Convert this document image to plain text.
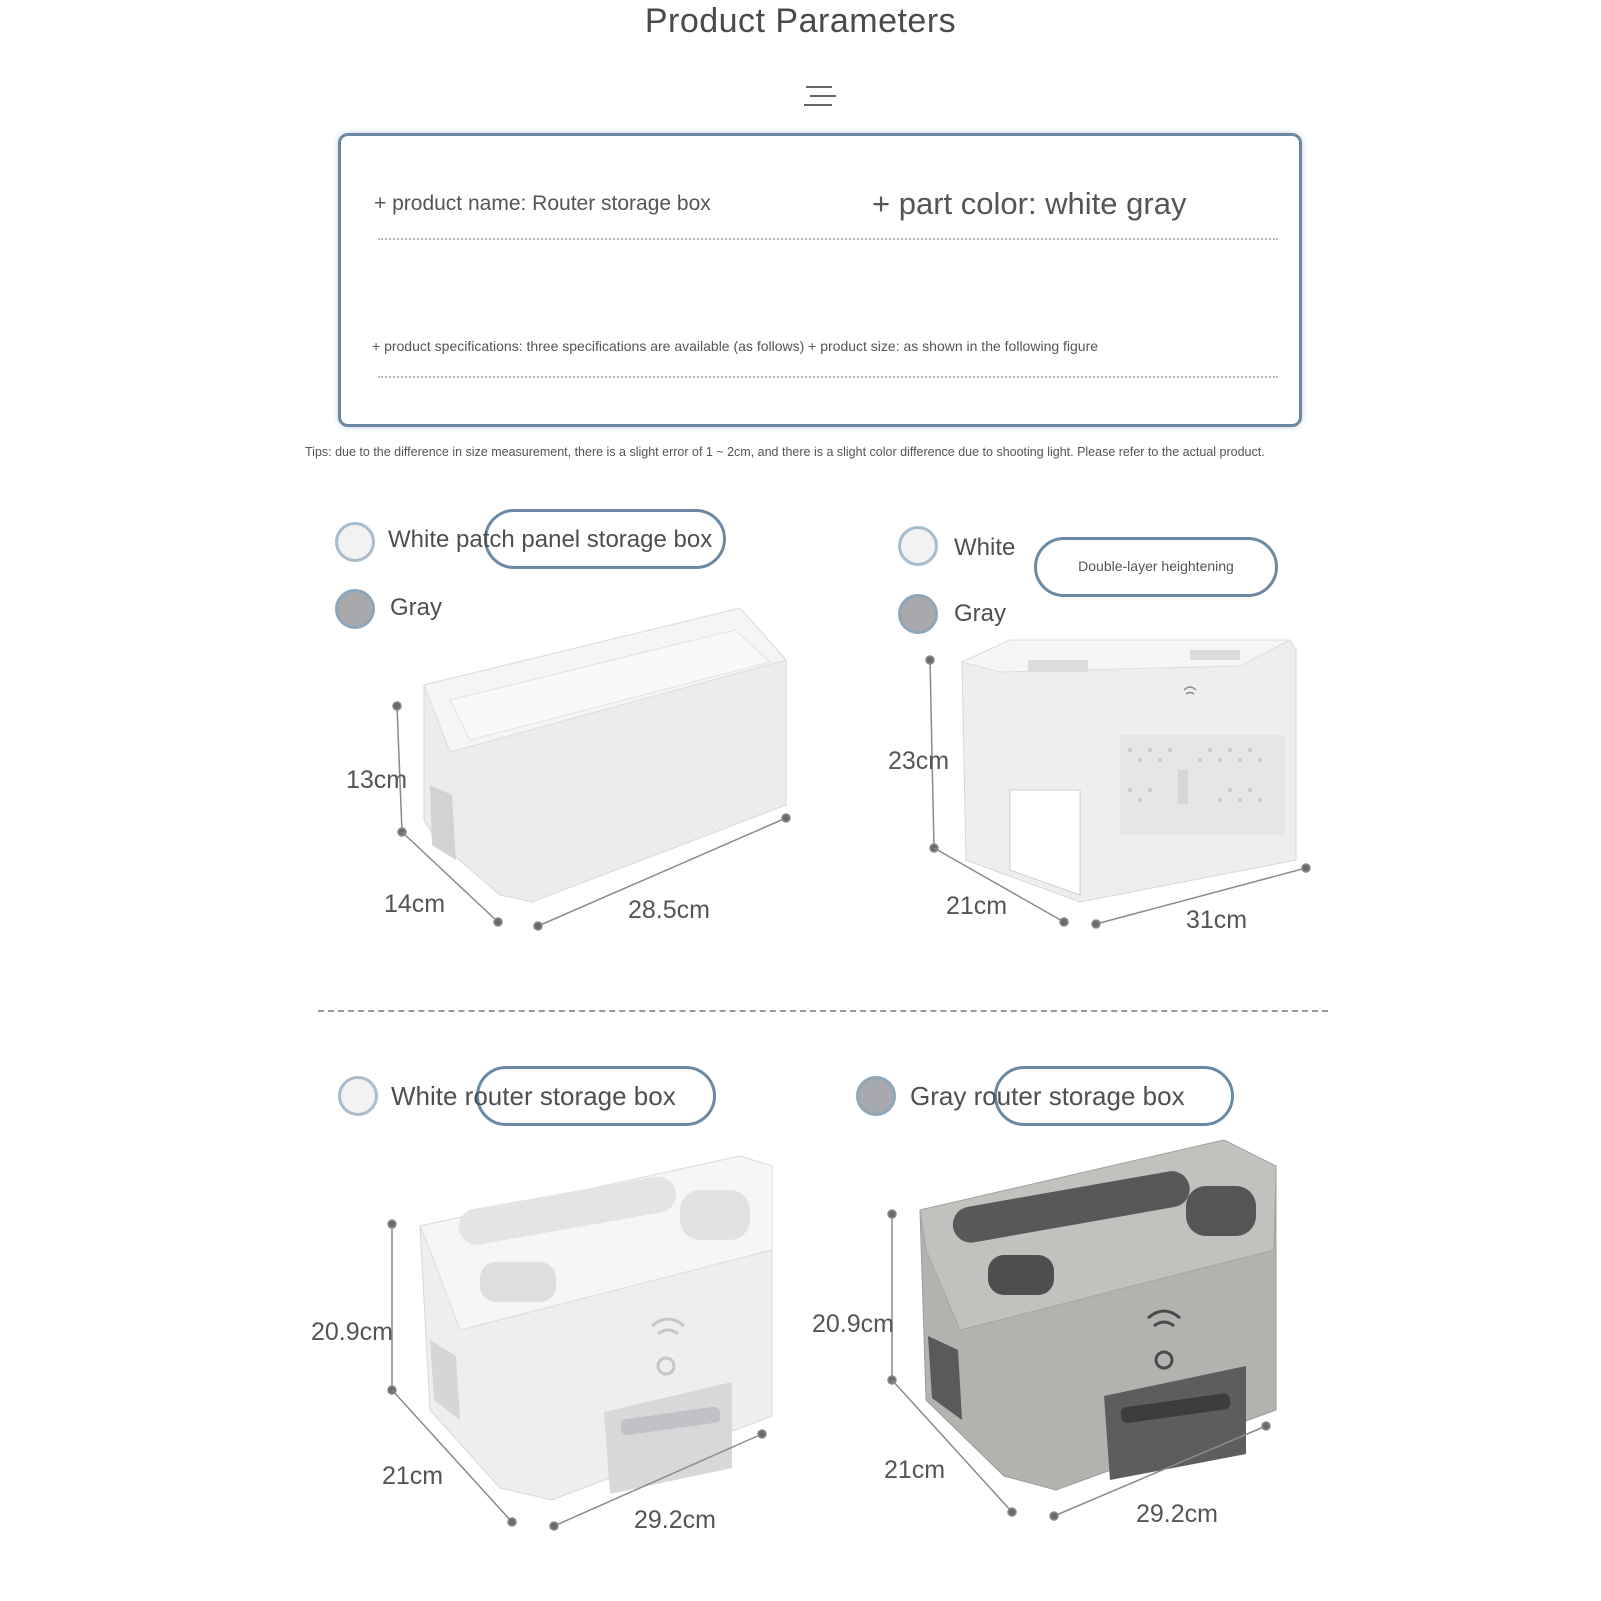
Product Parameters
+ product name: Router storage box	+ part color: white gray
+ product specifications: three specifications are available (as follows) + product size: as shown in the following figure
Tips: due to the difference in size measurement, there is a slight error of 1 ~ 2cm, and there is a slight color difference due to shooting light. Please refer to the actual product.
White patch panel storage box
Gray
13cm
14cm	28.5cm
White
Gray
Double-layer heightening
23cm
21cm	31cm
White router storage box
20.9cm
21cm
29.2cm
Gray router storage box
20.9cm
21cm
29.2cm
